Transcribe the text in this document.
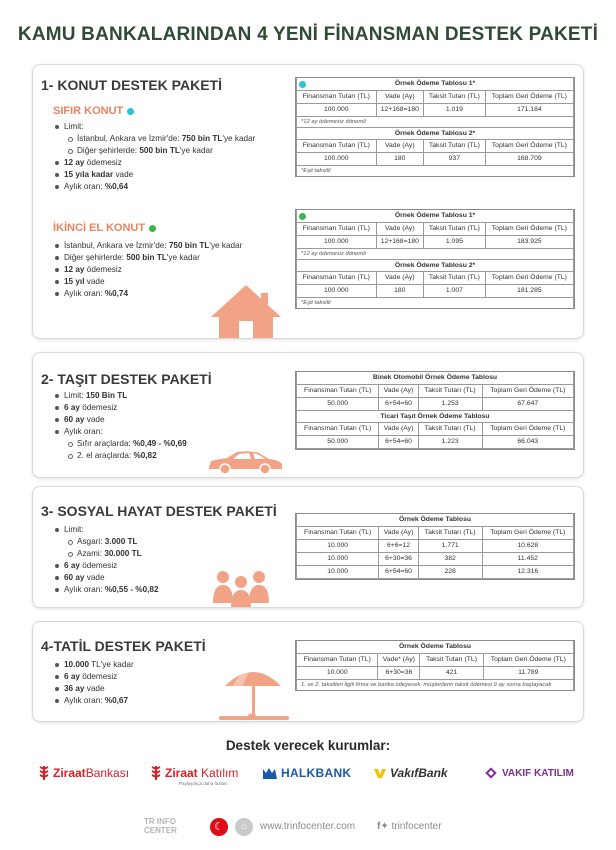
KAMU BANKALARINDAN 4 YENİ FİNANSMAN DESTEK PAKETİ
1- KONUT DESTEK PAKETİ
SIFIR KONUT
Limit:
İstanbul, Ankara ve İzmir'de: 750 bin TL'ye kadar
Diğer şehirlerde: 500 bin TL'ye kadar
12 ay ödemesiz
15 yıla kadar vade
Aylık oran: %0,64
İKİNCİ EL KONUT
İstanbul, Ankara ve İzmir'de: 750 bin TL'ye kadar
Diğer şehirlerde: 500 bin TL'ye kadar
12 ay ödemesiz
15 yıl vade
Aylık oran: %0,74
Örnek Ödeme Tablosu 1*			
Finansman Tutarı (TL)	Vade (Ay)	Taksit Tutarı (TL)	Toplam Geri Ödeme (TL)
100.000	12+168=180	1.019	171.184
*12 ay ödemesiz dönemli			
Örnek Ödeme Tablosu 2*			
Finansman Tutarı (TL)	Vade (Ay)	Taksit Tutarı (TL)	Toplam Geri Ödeme (TL)
100.000	180	937	168.709
*Eşit taksitli			
Örnek Ödeme Tablosu 1*			
Finansman Tutarı (TL)	Vade (Ay)	Taksit Tutarı (TL)	Toplam Geri Ödeme (TL)
100.000	12+168=180	1.095	183.925
*12 ay ödemesiz dönemli			
Örnek Ödeme Tablosu 2*			
Finansman Tutarı (TL)	Vade (Ay)	Taksit Tutarı (TL)	Toplam Geri Ödeme (TL)
100.000	180	1.007	181.285
*Eşit taksitli			
2- TAŞIT DESTEK PAKETİ
Limit: 150 Bin TL
6 ay ödemesiz
60 ay vade
Aylık oran:
Sıfır araçlarda: %0,49 - %0,69
2. el araçlarda: %0,82
Binek Otomobil Örnek Ödeme Tablosu			
Finansman Tutarı (TL)	Vade (Ay)	Taksit Tutarı (TL)	Toplam Geri Ödeme (TL)
50.000	6+54=60	1.253	67.647
Ticari Taşıt Örnek Ödeme Tablosu			
Finansman Tutarı (TL)	Vade (Ay)	Taksit Tutarı (TL)	Toplam Geri Ödeme (TL)
50.000	6+54=60	1.223	66.043
3- SOSYAL HAYAT DESTEK PAKETİ
Limit:
Asgari: 3.000 TL
Azami: 30.000 TL
6 ay ödemesiz
60 ay vade
Aylık oran: %0,55 - %0,82
Örnek Ödeme Tablosu			
Finansman Tutarı (TL)	Vade (Ay)	Taksit Tutarı (TL)	Toplam Geri Ödeme (TL)
10.000	6+6=12	1.771	10.628
10.000	6+30=36	382	11.452
10.000	6+54=60	228	12.316
4-TATİL DESTEK PAKETİ
10.000 TL'ye kadar
6 ay ödemesiz
36 ay vade
Aylık oran: %0,67
Örnek Ödeme Tablosu			
Finansman Tutarı (TL)	Vade* (Ay)	Taksit Tutarı (TL)	Toplam Geri Ödeme (TL)
10.000	6+30=36	421	11.789
1. ve 2. taksitleri ilgili firma ve banka ödeyecek, müşterilerin taksit ödemesi 9 ay sonra başlayacak			
Destek verecek kurumlar:
Ziraat Bankası	Ziraat Katılım
Paylaştıkça daha fazlası
HALKBANK	VakıfBank	VAKIF KATILIM
TR INFO
CENTER	☾	⌂	www.trinfocenter.com f✦ trinfocenter
